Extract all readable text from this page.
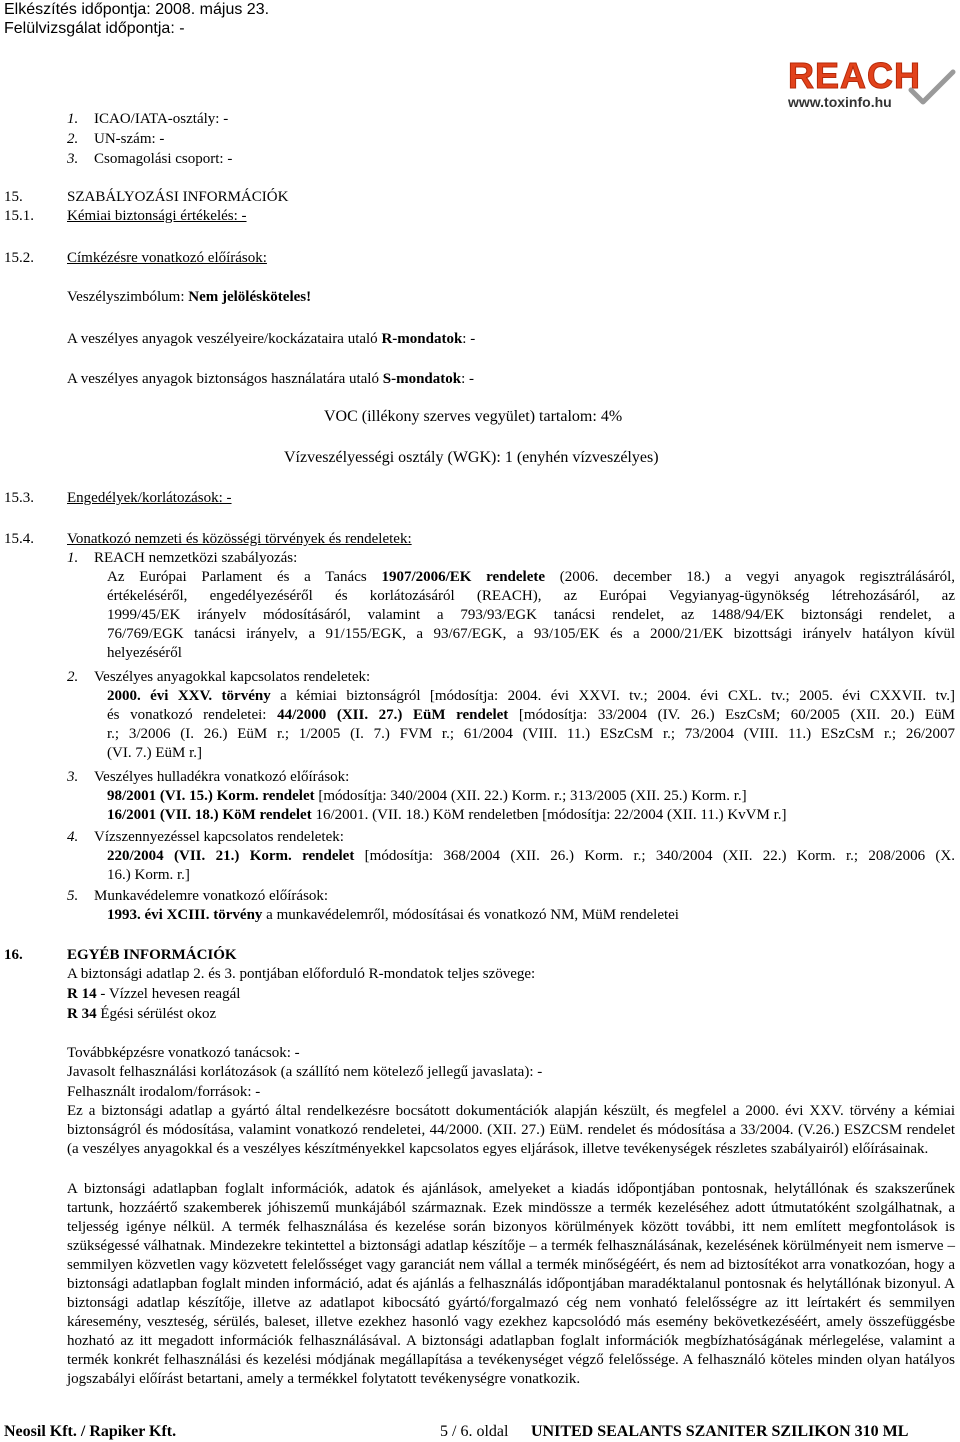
Elkészítés időpontja: 2008. május 23.
Felülvizsgálat időpontja: -
REACH
www.toxinfo.hu
1. ICAO/IATA-osztály: -
2. UN-szám: -
3. Csomagolási csoport: -
15.	SZABÁLYOZÁSI INFORMÁCIÓK
15.1. Kémiai biztonsági értékelés: -
15.2. Címkézésre vonatkozó előírások:
Veszélyszimbólum: Nem jelölésköteles!
A veszélyes anyagok veszélyeire/kockázataira utaló R-mondatok: -
A veszélyes anyagok biztonságos használatára utaló S-mondatok: -
VOC (illékony szerves vegyület) tartalom: 4%
Vízveszélyességi osztály (WGK): 1 (enyhén vízveszélyes)
15.3. Engedélyek/korlátozások: -
15.4. Vonatkozó nemzeti és közösségi törvények és rendeletek:
1. REACH nemzetközi szabályozás:
Az Európai Parlament és a Tanács 1907/2006/EK rendelete (2006. december 18.) a vegyi anyagok regisztrálásáról,
értékeléséről, engedélyezéséről és korlátozásáról (REACH), az Európai Vegyianyag-ügynökség létrehozásáról, az
1999/45/EK irányelv módosításáról, valamint a 793/93/EGK tanácsi rendelet, az 1488/94/EK biztonsági rendelet, a
76/769/EGK tanácsi irányelv, a 91/155/EGK, a 93/67/EGK, a 93/105/EK és a 2000/21/EK bizottsági irányelv hatályon kívül
helyezéséről
2. Veszélyes anyagokkal kapcsolatos rendeletek:
2000. évi XXV. törvény a kémiai biztonságról [módosítja: 2004. évi XXVI. tv.; 2004. évi CXL. tv.; 2005. évi CXXVII. tv.]
és vonatkozó rendeletei: 44/2000 (XII. 27.) EüM rendelet [módosítja: 33/2004 (IV. 26.) EszCsM; 60/2005 (XII. 20.) EüM
r.; 3/2006 (I. 26.) EüM r.; 1/2005 (I. 7.) FVM r.; 61/2004 (VIII. 11.) ESzCsM r.; 73/2004 (VIII. 11.) ESzCsM r.; 26/2007
(VI. 7.) EüM r.]
3. Veszélyes hulladékra vonatkozó előírások:
98/2001 (VI. 15.) Korm. rendelet [módosítja: 340/2004 (XII. 22.) Korm. r.; 313/2005 (XII. 25.) Korm. r.]
16/2001 (VII. 18.) KöM rendelet 16/2001. (VII. 18.) KöM rendeletben [módosítja: 22/2004 (XII. 11.) KvVM r.]
4. Vízszennyezéssel kapcsolatos rendeletek:
220/2004 (VII. 21.) Korm. rendelet [módosítja: 368/2004 (XII. 26.) Korm. r.; 340/2004 (XII. 22.) Korm. r.; 208/2006 (X.
16.) Korm. r.]
5. Munkavédelemre vonatkozó előírások:
1993. évi XCIII. törvény a munkavédelemről, módosításai és vonatkozó NM, MüM rendeletei
16.	EGYÉB INFORMÁCIÓK
A biztonsági adatlap 2. és 3. pontjában előforduló R-mondatok teljes szövege:
R 14 - Vízzel hevesen reagál
R 34 Égési sérülést okoz
Továbbképzésre vonatkozó tanácsok: -
Javasolt felhasználási korlátozások (a szállító nem kötelező jellegű javaslata): -
Felhasznált irodalom/források: -
Ez a biztonsági adatlap a gyártó által rendelkezésre bocsátott dokumentációk alapján készült, és megfelel a 2000. évi XXV. törvény a kémiai biztonságról és módosítása, valamint vonatkozó rendeletei, 44/2000. (XII. 27.) EüM. rendelet és módosítása a 33/2004. (V.26.) ESZCSM rendelet (a veszélyes anyagokkal és a veszélyes készítményekkel kapcsolatos egyes eljárások, illetve tevékenységek részletes szabályairól) előírásainak.
A biztonsági adatlapban foglalt információk, adatok és ajánlások, amelyeket a kiadás időpontjában pontosnak, helytállónak és szakszerűnek tartunk, hozzáértő szakemberek jóhiszemű munkájából származnak. Ezek mindössze a termék kezeléséhez adott útmutatóként szolgálhatnak, a teljesség igénye nélkül. A termék felhasználása és kezelése során bizonyos körülmények között további, itt nem említett megfontolások is szükségessé válhatnak. Mindezekre tekintettel a biztonsági adatlap készítője – a termék felhasználásának, kezelésének körülményeit nem ismerve – semmilyen közvetlen vagy közvetett felelősséget vagy garanciát nem vállal a termék minőségéért, és nem ad biztosítékot arra vonatkozóan, hogy a biztonsági adatlapban foglalt minden információ, adat és ajánlás a felhasználás időpontjában maradéktalanul pontosnak és helytállónak bizonyul. A biztonsági adatlap készítője, illetve az adatlapot kibocsátó gyártó/forgalmazó cég nem vonható felelősségre az itt leírtakért és semmilyen káresemény, veszteség, sérülés, baleset, illetve ezekhez hasonló vagy ezekhez kapcsolódó más esemény bekövetkezéséért, amely összefüggésbe hozható az itt megadott információk felhasználásával. A biztonsági adatlapban foglalt információk megbízhatóságának mérlegelése, valamint a termék konkrét felhasználási és kezelési módjának megállapítása a tevékenységet végző felelőssége. A felhasználó köteles minden olyan hatályos jogszabályi előírást betartani, amely a termékkel folytatott tevékenységre vonatkozik.
Neosil Kft. / Rapiker Kft.	5 / 6. oldal UNITED SEALANTS SZANITER SZILIKON 310 ML
